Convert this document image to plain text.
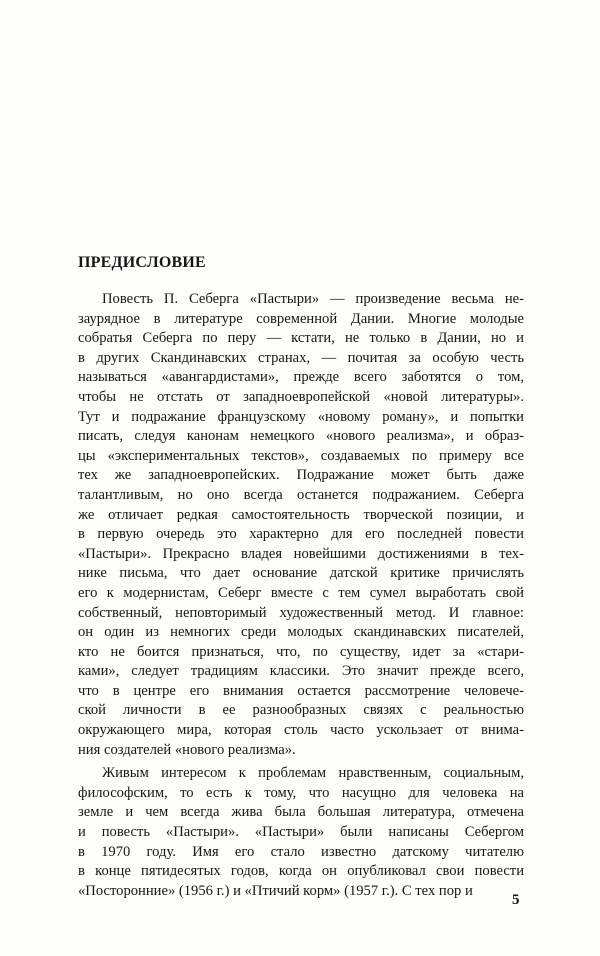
ПРЕДИСЛОВИЕ
Повесть П. Себерга «Пастыри» — произведение весьма не-
заурядное в литературе современной Дании. Многие молодые
собратья Себерга по перу — кстати, не только в Дании, но и
в других Скандинавских странах, — почитая за особую честь
называться «авангардистами», прежде всего заботятся о том,
чтобы не отстать от западноевропейской «новой литературы».
Тут и подражание французскому «новому роману», и попытки
писать, следуя канонам немецкого «нового реализма», и образ-
цы «экспериментальных текстов», создаваемых по примеру все
тех же западноевропейских. Подражание может быть даже
талантливым, но оно всегда останется подражанием. Себерга
же отличает редкая самостоятельность творческой позиции, и
в первую очередь это характерно для его последней повести
«Пастыри». Прекрасно владея новейшими достижениями в тех-
нике письма, что дает основание датской критике причислять
его к модернистам, Себерг вместе с тем сумел выработать свой
собственный, неповторимый художественный метод. И главное:
он один из немногих среди молодых скандинавских писателей,
кто не боится признаться, что, по существу, идет за «стари-
ками», следует традициям классики. Это значит прежде всего,
что в центре его внимания остается рассмотрение человече-
ской личности в ее разнообразных связях с реальностью
окружающего мира, которая столь часто ускользает от внима-
ния создателей «нового реализма».
Живым интересом к проблемам нравственным, социальным,
философским, то есть к тому, что насущно для человека на
земле и чем всегда жива была большая литература, отмечена
и повесть «Пастыри». «Пастыри» были написаны Себергом
в 1970 году. Имя его стало известно датскому читателю
в конце пятидесятых годов, когда он опубликовал свои повести
«Посторонние» (1956 г.) и «Птичий корм» (1957 г.). С тех пор и
5
